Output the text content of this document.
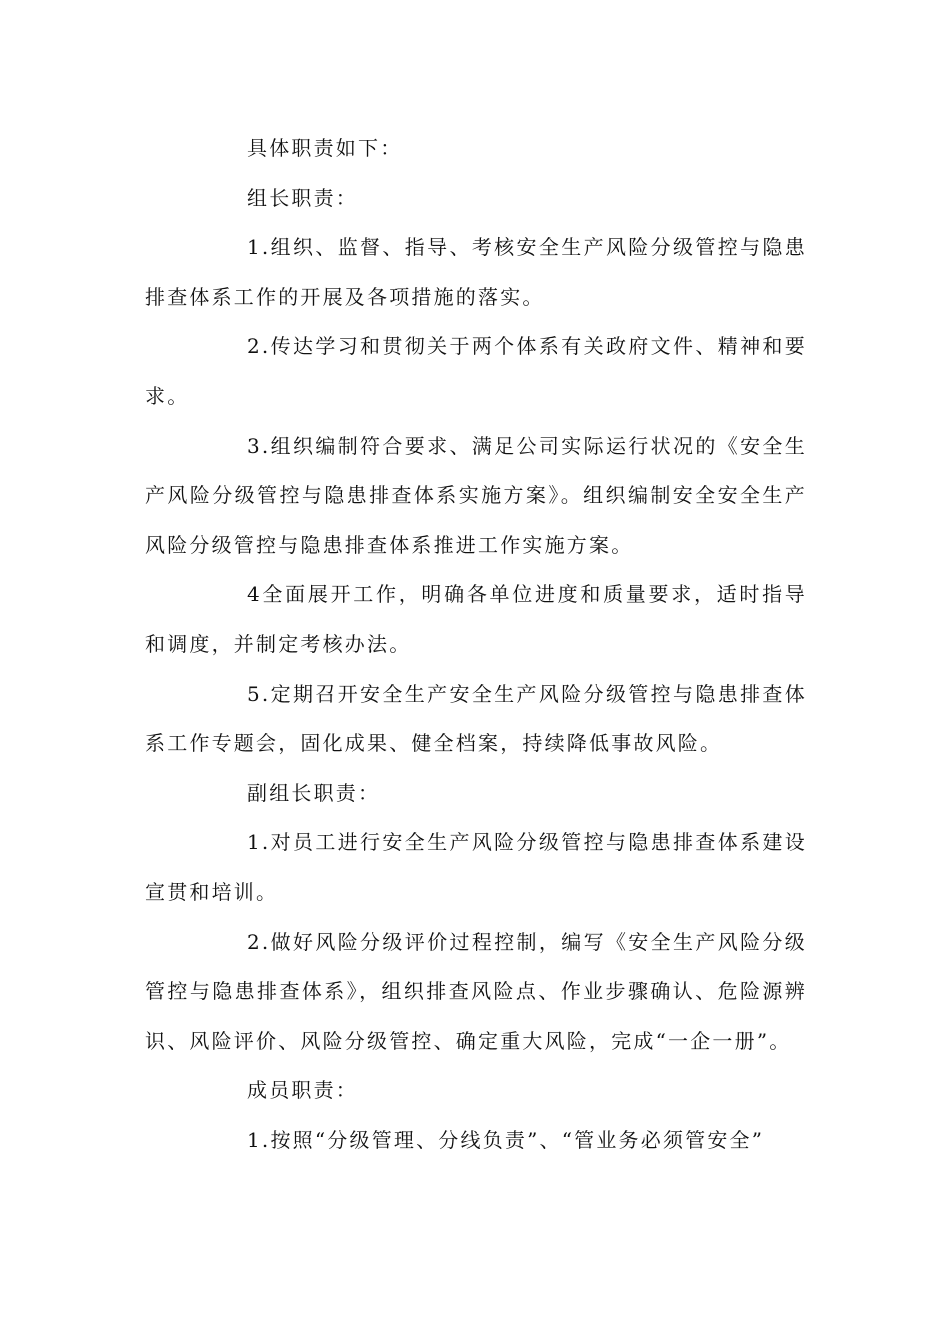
具体职责如下：

组长职责：

1.组织、监督、指导、考核安全生产风险分级管控与隐患排查体系工作的开展及各项措施的落实。

2.传达学习和贯彻关于两个体系有关政府文件、精神和要求。

3.组织编制符合要求、满足公司实际运行状况的《安全生产风险分级管控与隐患排查体系实施方案》。组织编制安全安全生产风险分级管控与隐患排查体系推进工作实施方案。

4全面展开工作，明确各单位进度和质量要求，适时指导和调度，并制定考核办法。

5.定期召开安全生产安全生产风险分级管控与隐患排查体系工作专题会，固化成果、健全档案，持续降低事故风险。

副组长职责：

1.对员工进行安全生产风险分级管控与隐患排查体系建设宣贯和培训。

2.做好风险分级评价过程控制，编写《安全生产风险分级管控与隐患排查体系》，组织排查风险点、作业步骤确认、危险源辨识、风险评价、风险分级管控、确定重大风险，完成“一企一册”。

成员职责：

1.按照“分级管理、分线负责”、“管业务必须管安全”
